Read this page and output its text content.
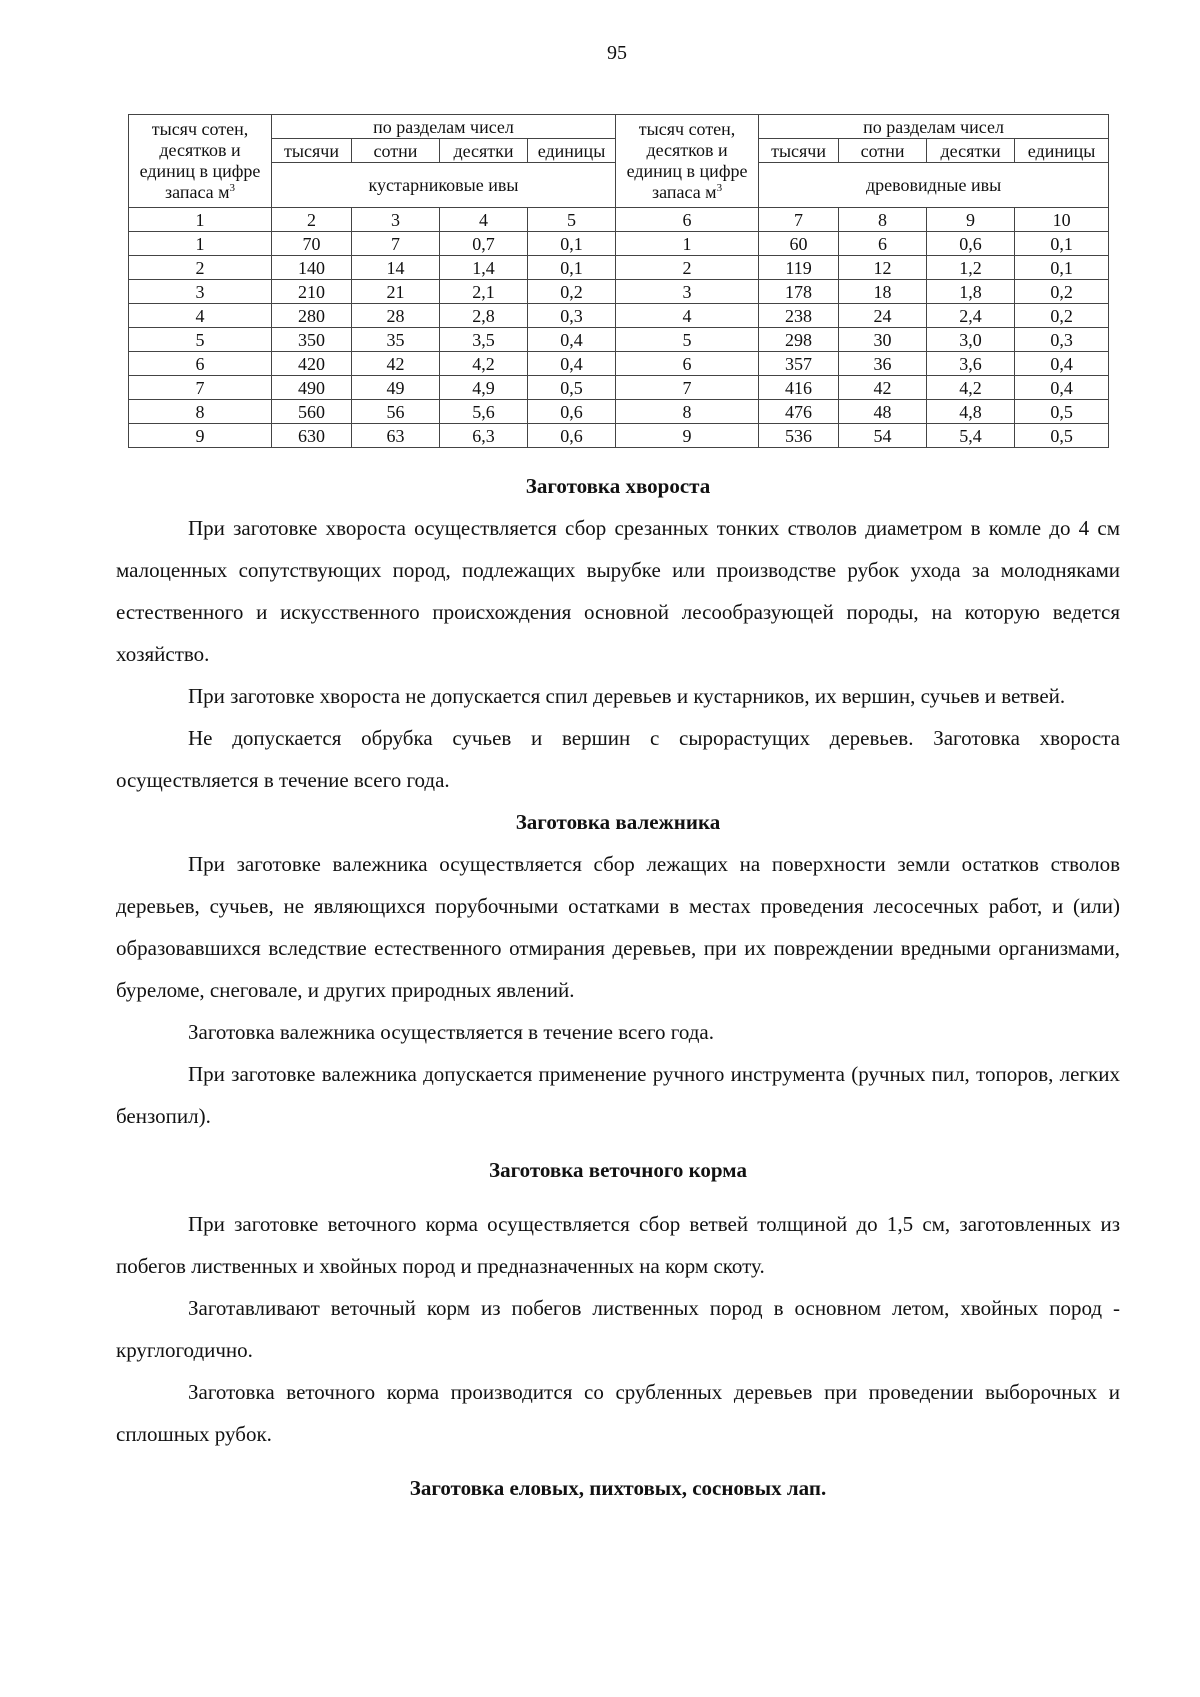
95
тысяч сотен, десятков и единиц в цифре запаса $м^3$	по разделам чисел				тысяч сотен, десятков и единиц в цифре запаса $м^3$	по разделам чисел			
	тысячи	сотни	десятки	единицы		тысячи	сотни	десятки	единицы
	кустарниковые ивы					древовидные ивы			
1	2	3	4	5	6	7	8	9	10
1	70	7	0,7	0,1	1	60	6	0,6	0,1
2	140	14	1,4	0,1	2	119	12	1,2	0,1
3	210	21	2,1	0,2	3	178	18	1,8	0,2
4	280	28	2,8	0,3	4	238	24	2,4	0,2
5	350	35	3,5	0,4	5	298	30	3,0	0,3
6	420	42	4,2	0,4	6	357	36	3,6	0,4
7	490	49	4,9	0,5	7	416	42	4,2	0,4
8	560	56	5,6	0,6	8	476	48	4,8	0,5
9	630	63	6,3	0,6	9	536	54	5,4	0,5

Заготовка хвороста

При заготовке хвороста осуществляется сбор срезанных тонких стволов диаметром в комле до 4 см малоценных сопутствующих пород, подлежащих вырубке или производстве рубок ухода за молодняками естественного и искусственного происхождения основной лесообразующей породы, на которую ведется хозяйство.

При заготовке хвороста не допускается спил деревьев и кустарников, их вершин, сучьев и ветвей.

Не допускается обрубка сучьев и вершин с сырорастущих деревьев. Заготовка хвороста осуществляется в течение всего года.

Заготовка валежника

При заготовке валежника осуществляется сбор лежащих на поверхности земли остатков стволов деревьев, сучьев, не являющихся порубочными остатками в местах проведения лесосечных работ, и (или) образовавшихся вследствие естественного отмирания деревьев, при их повреждении вредными организмами, буреломе, снеговале, и других природных явлений.

Заготовка валежника осуществляется в течение всего года.

При заготовке валежника допускается применение ручного инструмента (ручных пил, топоров, легких бензопил).

Заготовка веточного корма

При заготовке веточного корма осуществляется сбор ветвей толщиной до 1,5 см, заготовленных из побегов лиственных и хвойных пород и предназначенных на корм скоту.

Заготавливают веточный корм из побегов лиственных пород в основном летом, хвойных пород - круглогодично.

Заготовка веточного корма производится со срубленных деревьев при проведении выборочных и сплошных рубок.

Заготовка еловых, пихтовых, сосновых лап.
